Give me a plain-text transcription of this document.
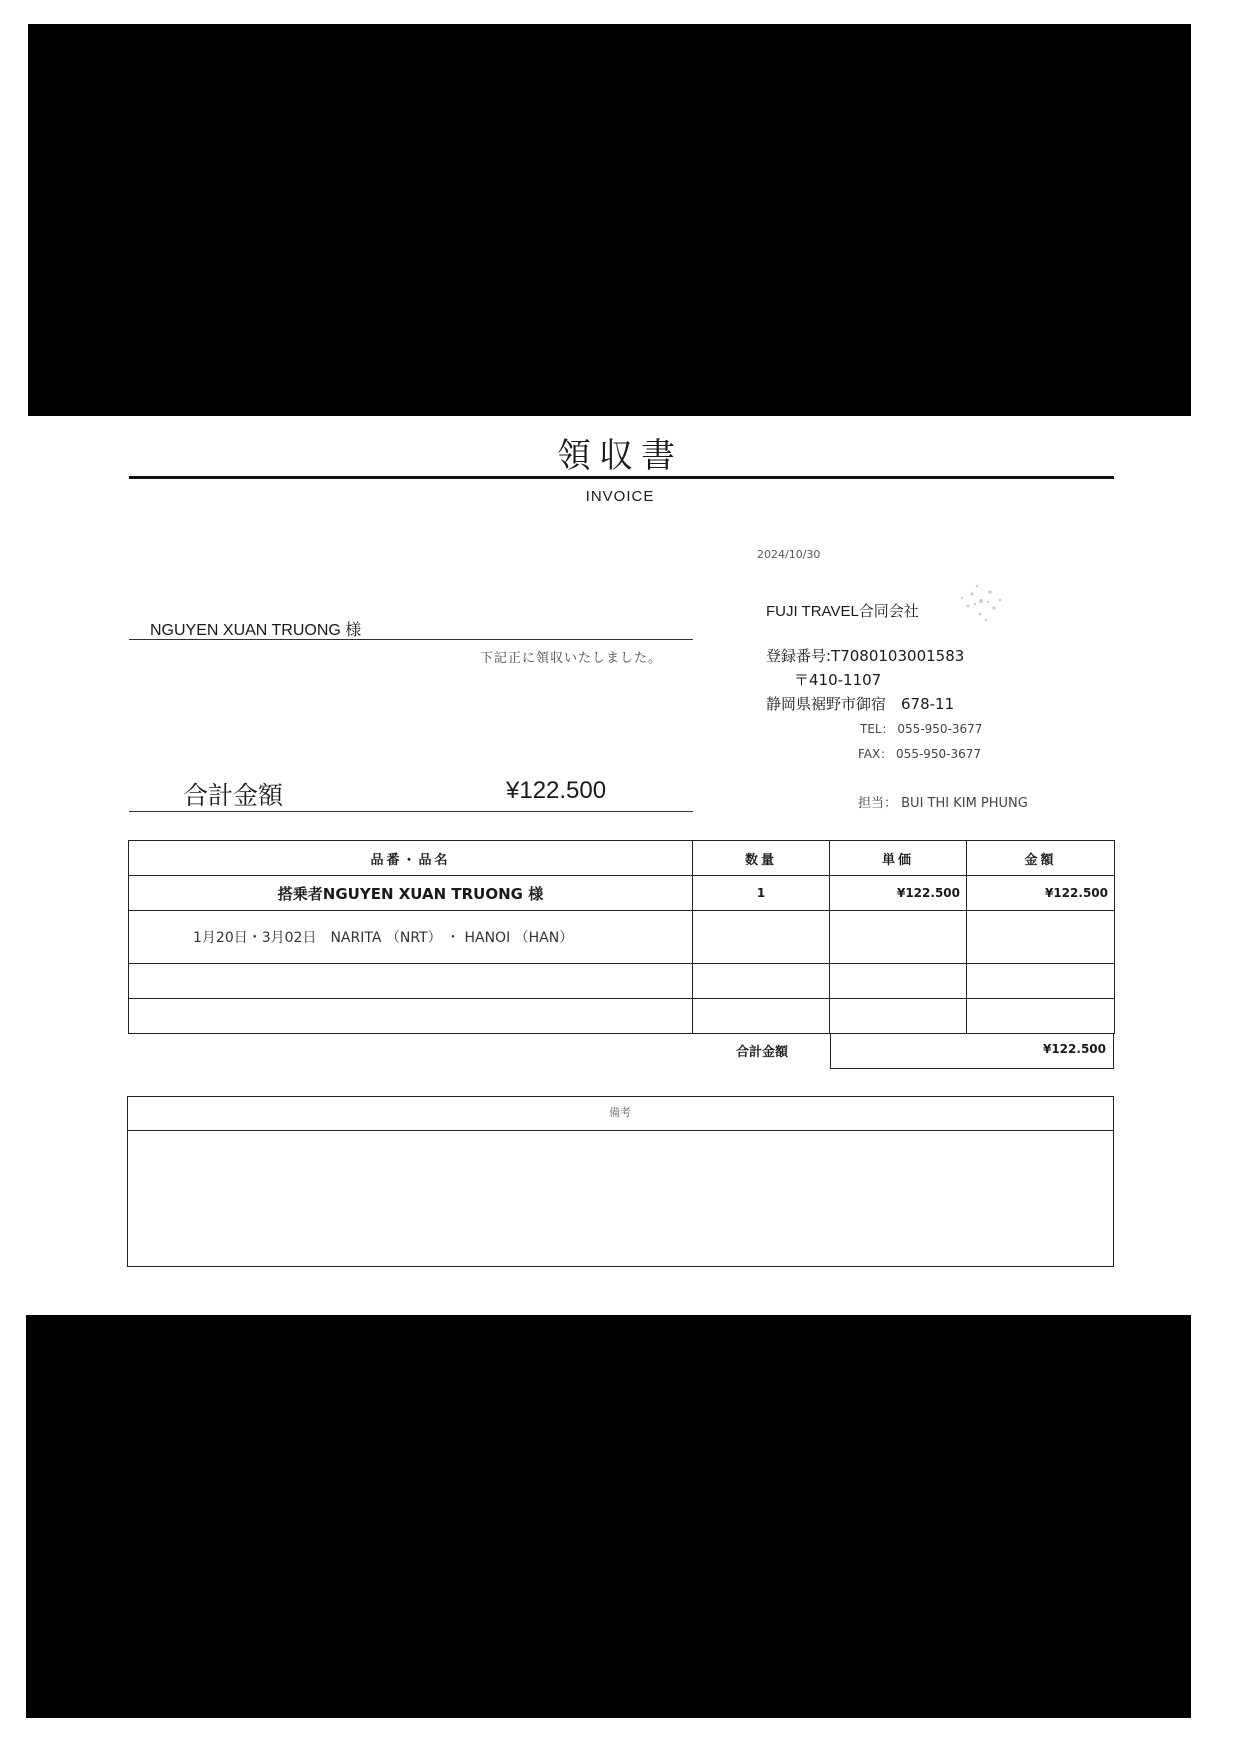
領収書
INVOICE
2024/10/30
NGUYEN XUAN TRUONG 様
下記正に領収いたしました。
FUJI TRAVEL合同会社
登録番号:T7080103001583
〒410-1107
静岡県裾野市御宿　678-11
TEL： 055-950-3677
FAX： 055-950-3677
担当： BUI THI KIM PHUNG
合計金額	¥122.500
品番・品名	数量	単価	金額
搭乗者NGUYEN XUAN TRUONG 様	1	¥122.500	¥122.500
1月20日・3月02日　NARITA （NRT） ・ HANOI （HAN）			

合計金額	¥122.500
備考
